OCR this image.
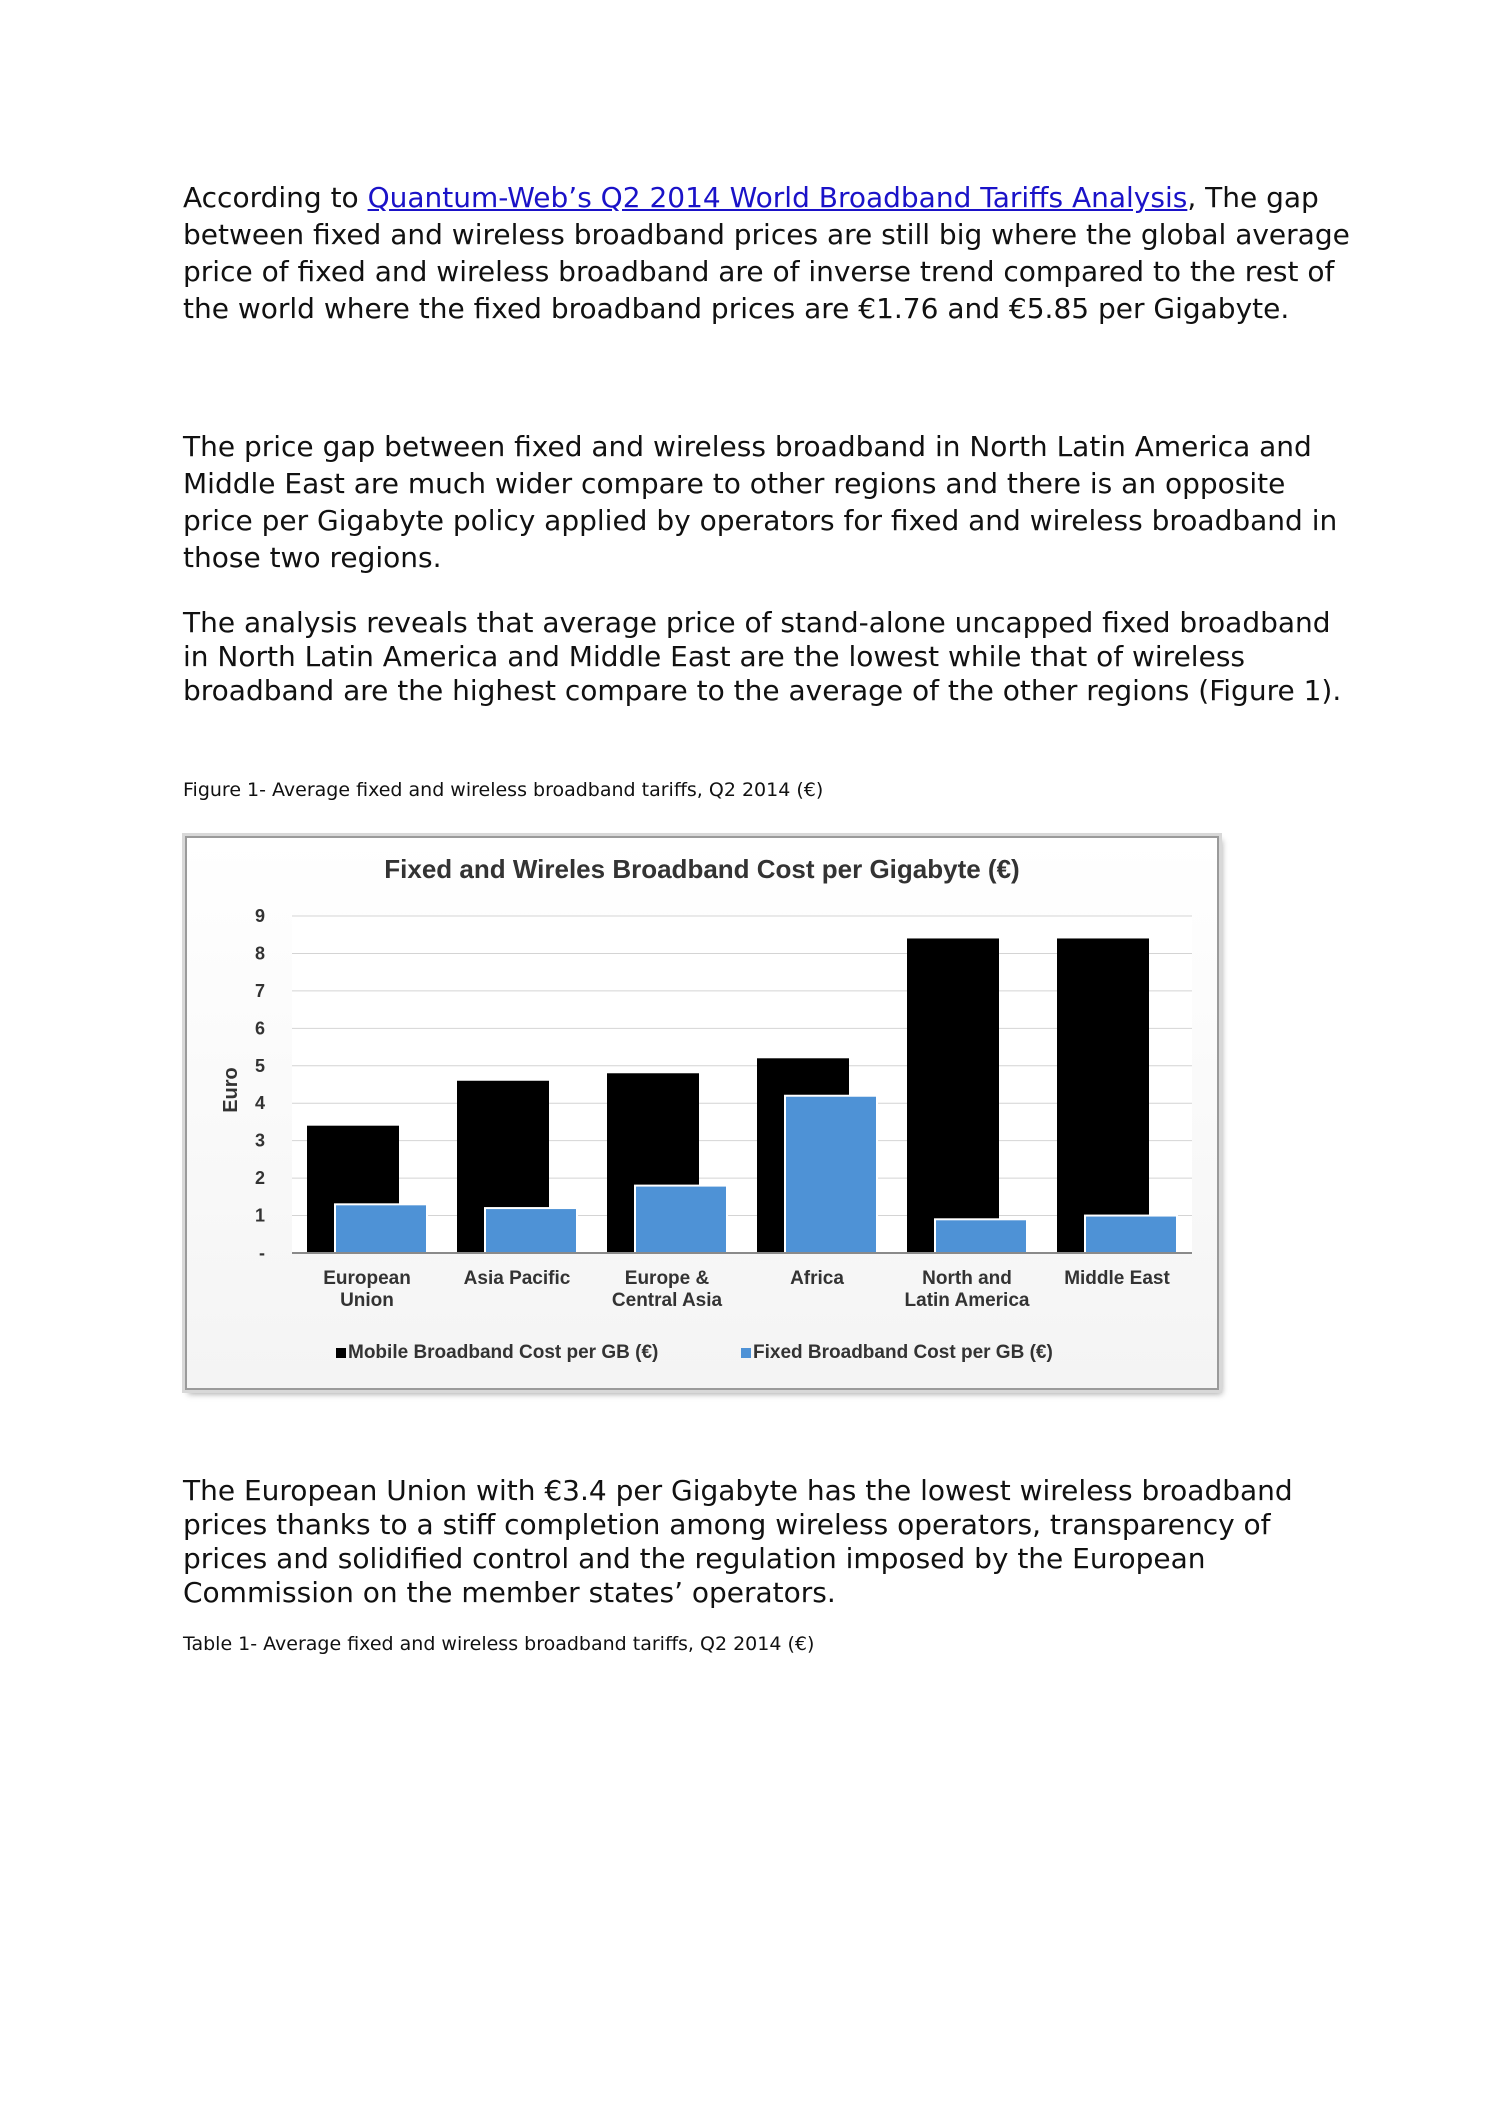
According to Quantum-Web’s Q2 2014 World Broadband Tariffs Analysis, The gap between fixed and wireless broadband prices are still big where the global average price of fixed and wireless broadband are of inverse trend compared to the rest of the world where the fixed broadband prices are €1.76 and €5.85 per Gigabyte.

The price gap between fixed and wireless broadband in North Latin America and Middle East are much wider compare to other regions and there is an opposite price per Gigabyte policy applied by operators for fixed and wireless broadband in those two regions.

The analysis reveals that average price of stand-alone uncapped fixed broadband in North Latin America and Middle East are the lowest while that of wireless broadband are the highest compare to the average of the other regions (Figure 1).

Figure 1- Average fixed and wireless broadband tariffs, Q2 2014 (€)

-
1
2
3
4
5
6
7
8
9
European
Union
Asia Pacific	Europe &
Central Asia
Africa	North and
Latin America
Middle East
Fixed and Wireles Broadband Cost per Gigabyte (€)
Euro
Mobile Broadband Cost per GB (€)	Fixed Broadband Cost per GB (€)

The European Union with €3.4 per Gigabyte has the lowest wireless broadband prices thanks to a stiff completion among wireless operators, transparency of prices and solidified control and the regulation imposed by the European Commission on the member states’ operators.

Table 1- Average fixed and wireless broadband tariffs, Q2 2014 (€)
